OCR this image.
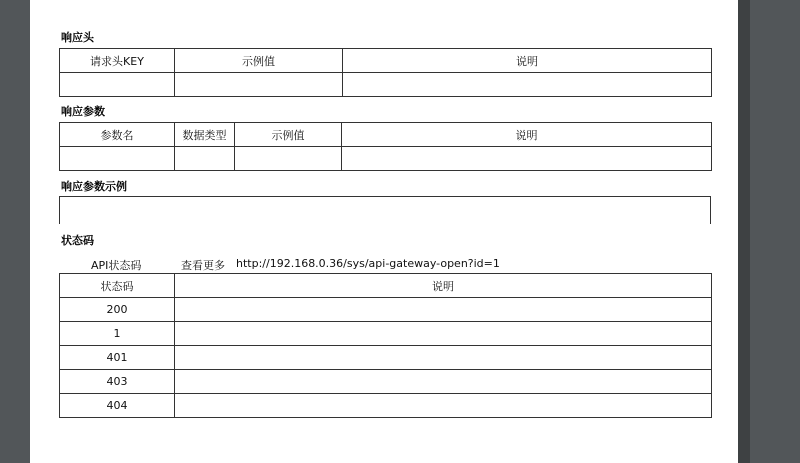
响应头
请求头KEY	示例值	说明

响应参数
参数名	数据类型	示例值	说明

响应参数示例
状态码
API状态码	查看更多 http://192.168.0.36/sys/api-gateway-open?id=1
状态码	说明
200	
1	
401	
403	
404	
